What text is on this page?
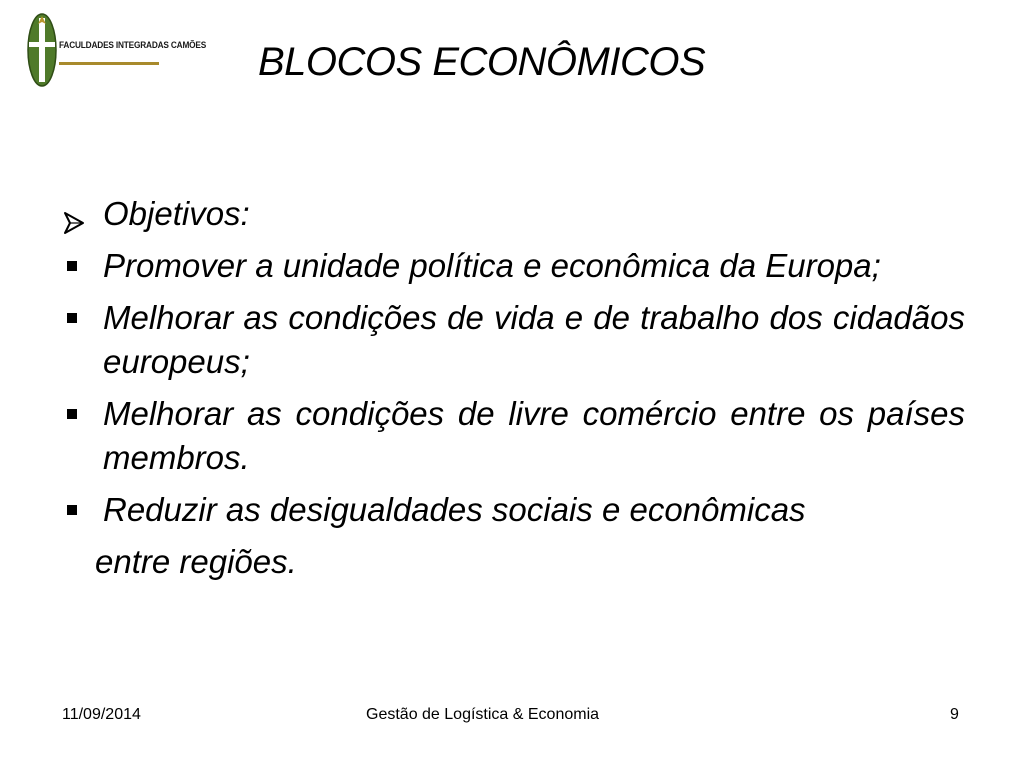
FACULDADES INTEGRADAS CAMÕES BLOCOS ECONÔMICOS
Objetivos:
Promover a unidade política e econômica da Europa;
Melhorar as condições de vida e de trabalho dos cidadãos europeus;
Melhorar as condições de livre comércio entre os países membros.
Reduzir as desigualdades sociais e econômicas
entre regiões.
11/09/2014	Gestão de Logística & Economia	9
